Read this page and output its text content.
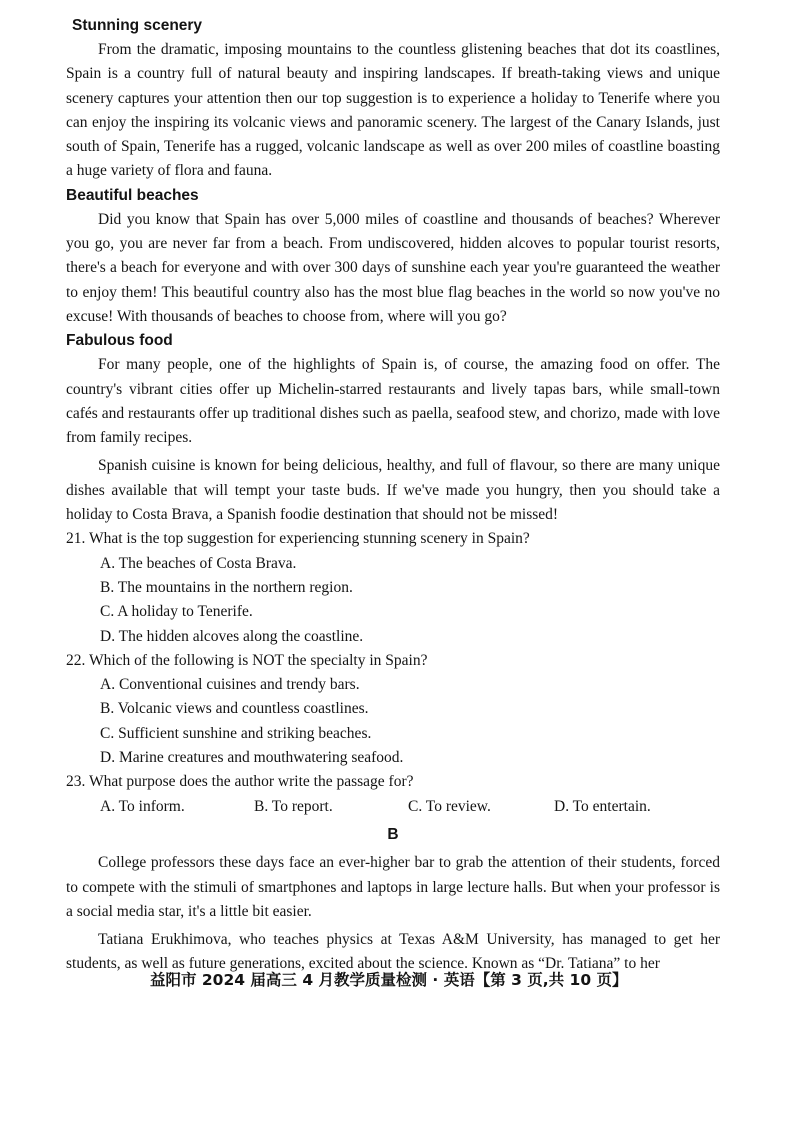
Stunning scenery

From the dramatic, imposing mountains to the countless glistening beaches that dot its coastlines, Spain is a country full of natural beauty and inspiring landscapes. If breath-taking views and unique scenery captures your attention then our top suggestion is to experience a holiday to Tenerife where you can enjoy the inspiring its volcanic views and panoramic scenery. The largest of the Canary Islands, just south of Spain, Tenerife has a rugged, volcanic landscape as well as over 200 miles of coastline boasting a huge variety of flora and fauna.

Beautiful beaches

Did you know that Spain has over 5,000 miles of coastline and thousands of beaches? Wherever you go, you are never far from a beach. From undiscovered, hidden alcoves to popular tourist resorts, there's a beach for everyone and with over 300 days of sunshine each year you're guaranteed the weather to enjoy them! This beautiful country also has the most blue flag beaches in the world so now you've no excuse! With thousands of beaches to choose from, where will you go?

Fabulous food

For many people, one of the highlights of Spain is, of course, the amazing food on offer. The country's vibrant cities offer up Michelin-starred restaurants and lively tapas bars, while small-town cafés and restaurants offer up traditional dishes such as paella, seafood stew, and chorizo, made with love from family recipes.

Spanish cuisine is known for being delicious, healthy, and full of flavour, so there are many unique dishes available that will tempt your taste buds. If we've made you hungry, then you should take a holiday to Costa Brava, a Spanish foodie destination that should not be missed!

21. What is the top suggestion for experiencing stunning scenery in Spain?
A. The beaches of Costa Brava.
B. The mountains in the northern region.
C. A holiday to Tenerife.
D. The hidden alcoves along the coastline.
22. Which of the following is NOT the specialty in Spain?
A. Conventional cuisines and trendy bars.
B. Volcanic views and countless coastlines.
C. Sufficient sunshine and striking beaches.
D. Marine creatures and mouthwatering seafood.
23. What purpose does the author write the passage for?
A. To inform.	B. To report.	C. To review.	D. To entertain.
B

College professors these days face an ever-higher bar to grab the attention of their students, forced to compete with the stimuli of smartphones and laptops in large lecture halls. But when your professor is a social media star, it's a little bit easier.

Tatiana Erukhimova, who teaches physics at Texas A&M University, has managed to get her students, as well as future generations, excited about the science. Known as “Dr. Tatiana” to her

益阳市 2024 届高三 4 月教学质量检测 · 英语【第 3 页,共 10 页】
